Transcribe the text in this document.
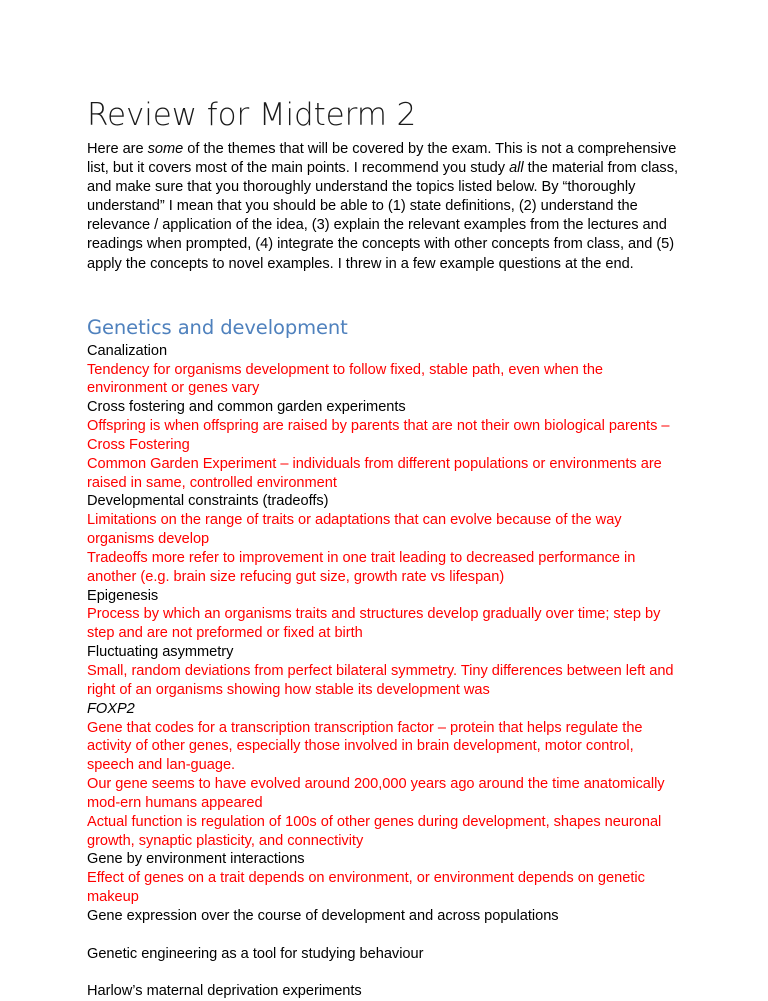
Review for Midterm 2

Here are some of the themes that will be covered by the exam. This is not a comprehensive list, but it covers most of the main points. I recommend you study all the material from class, and make sure that you thoroughly understand the topics listed below. By “thoroughly understand” I mean that you should be able to (1) state definitions, (2) understand the relevance / application of the idea, (3) explain the relevant examples from the lectures and readings when prompted, (4) integrate the concepts with other concepts from class, and (5) apply the concepts to novel examples. I threw in a few example questions at the end.

Genetics and development

Canalization

Tendency for organisms development to follow fixed, stable path, even when the environment or genes vary

Cross fostering and common garden experiments

Offspring is when offspring are raised by parents that are not their own biological parents – Cross Fostering

Common Garden Experiment – individuals from different populations or environments are raised in same, controlled environment

Developmental constraints (tradeoffs)

Limitations on the range of traits or adaptations that can evolve because of the way organisms develop

Tradeoffs more refer to improvement in one trait leading to decreased performance in another (e.g. brain size refucing gut size, growth rate vs lifespan)

Epigenesis

Process by which an organisms traits and structures develop gradually over time; step by step and are not preformed or fixed at birth

Fluctuating asymmetry

Small, random deviations from perfect bilateral symmetry. Tiny differences between left and right of an organisms showing how stable its development was

FOXP2

Gene that codes for a transcription transcription factor – protein that helps regulate the activity of other genes, especially those involved in brain development, motor control, speech and lan-guage.

Our gene seems to have evolved around 200,000 years ago around the time anatomically mod-ern humans appeared

Actual function is regulation of 100s of other genes during development, shapes neuronal growth, synaptic plasticity, and connectivity

Gene by environment interactions

Effect of genes on a trait depends on environment, or environment depends on genetic makeup

Gene expression over the course of development and across populations

Genetic engineering as a tool for studying behaviour

Harlow’s maternal deprivation experiments
